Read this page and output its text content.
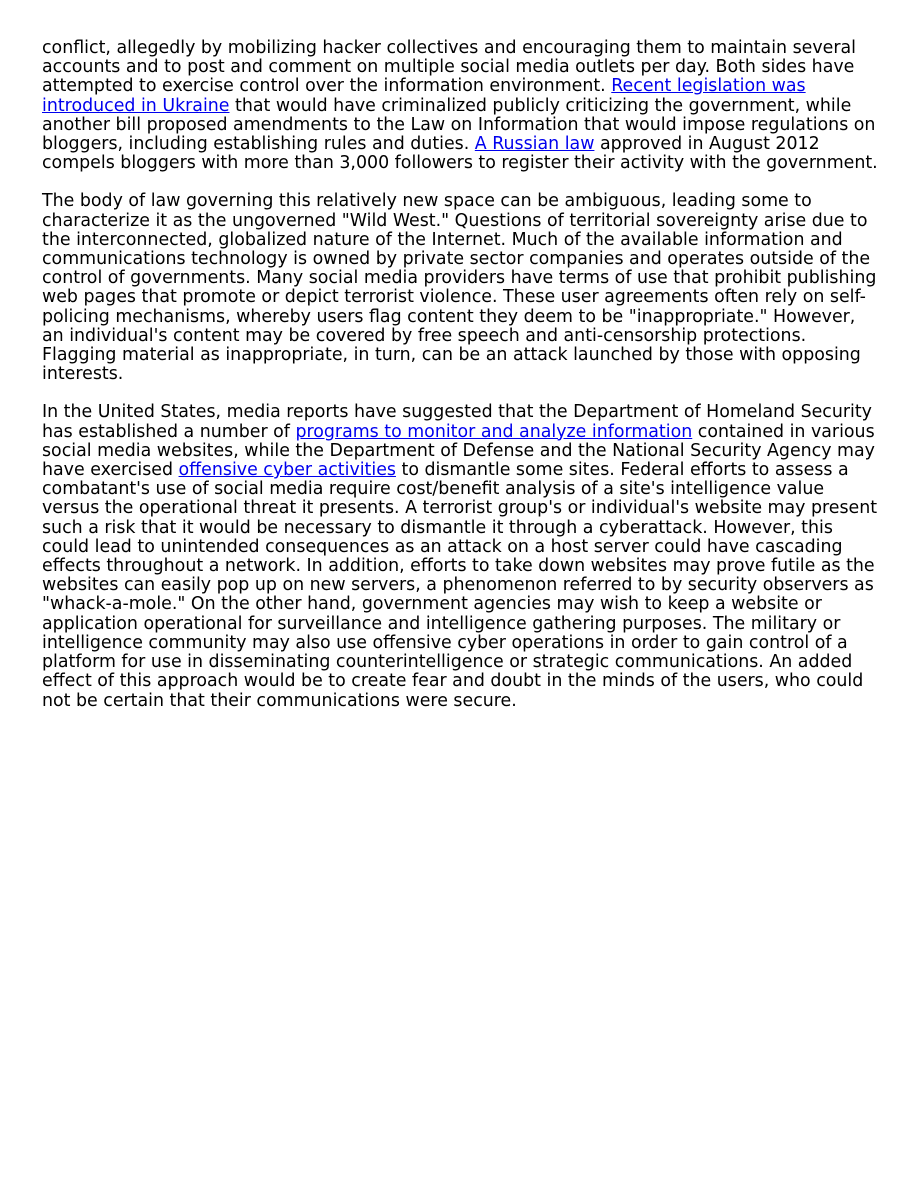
conflict, allegedly by mobilizing hacker collectives and encouraging them to maintain several accounts and to post and comment on multiple social media outlets per day. Both sides have attempted to exercise control over the information environment. Recent legislation was introduced in Ukraine that would have criminalized publicly criticizing the government, while another bill proposed amendments to the Law on Information that would impose regulations on bloggers, including establishing rules and duties. A Russian law approved in August 2012 compels bloggers with more than 3,000 followers to register their activity with the government.

The body of law governing this relatively new space can be ambiguous, leading some to characterize it as the ungoverned "Wild West." Questions of territorial sovereignty arise due to the interconnected, globalized nature of the Internet. Much of the available information and communications technology is owned by private sector companies and operates outside of the control of governments. Many social media providers have terms of use that prohibit publishing web pages that promote or depict terrorist violence. These user agreements often rely on self-policing mechanisms, whereby users flag content they deem to be "inappropriate." However, an individual's content may be covered by free speech and anti-censorship protections. Flagging material as inappropriate, in turn, can be an attack launched by those with opposing interests.

In the United States, media reports have suggested that the Department of Homeland Security has established a number of programs to monitor and analyze information contained in various social media websites, while the Department of Defense and the National Security Agency may have exercised offensive cyber activities to dismantle some sites. Federal efforts to assess a combatant's use of social media require cost/benefit analysis of a site's intelligence value versus the operational threat it presents. A terrorist group's or individual's website may present such a risk that it would be necessary to dismantle it through a cyberattack. However, this could lead to unintended consequences as an attack on a host server could have cascading effects throughout a network. In addition, efforts to take down websites may prove futile as the websites can easily pop up on new servers, a phenomenon referred to by security observers as "whack-a-mole." On the other hand, government agencies may wish to keep a website or application operational for surveillance and intelligence gathering purposes. The military or intelligence community may also use offensive cyber operations in order to gain control of a platform for use in disseminating counterintelligence or strategic communications. An added effect of this approach would be to create fear and doubt in the minds of the users, who could not be certain that their communications were secure.
